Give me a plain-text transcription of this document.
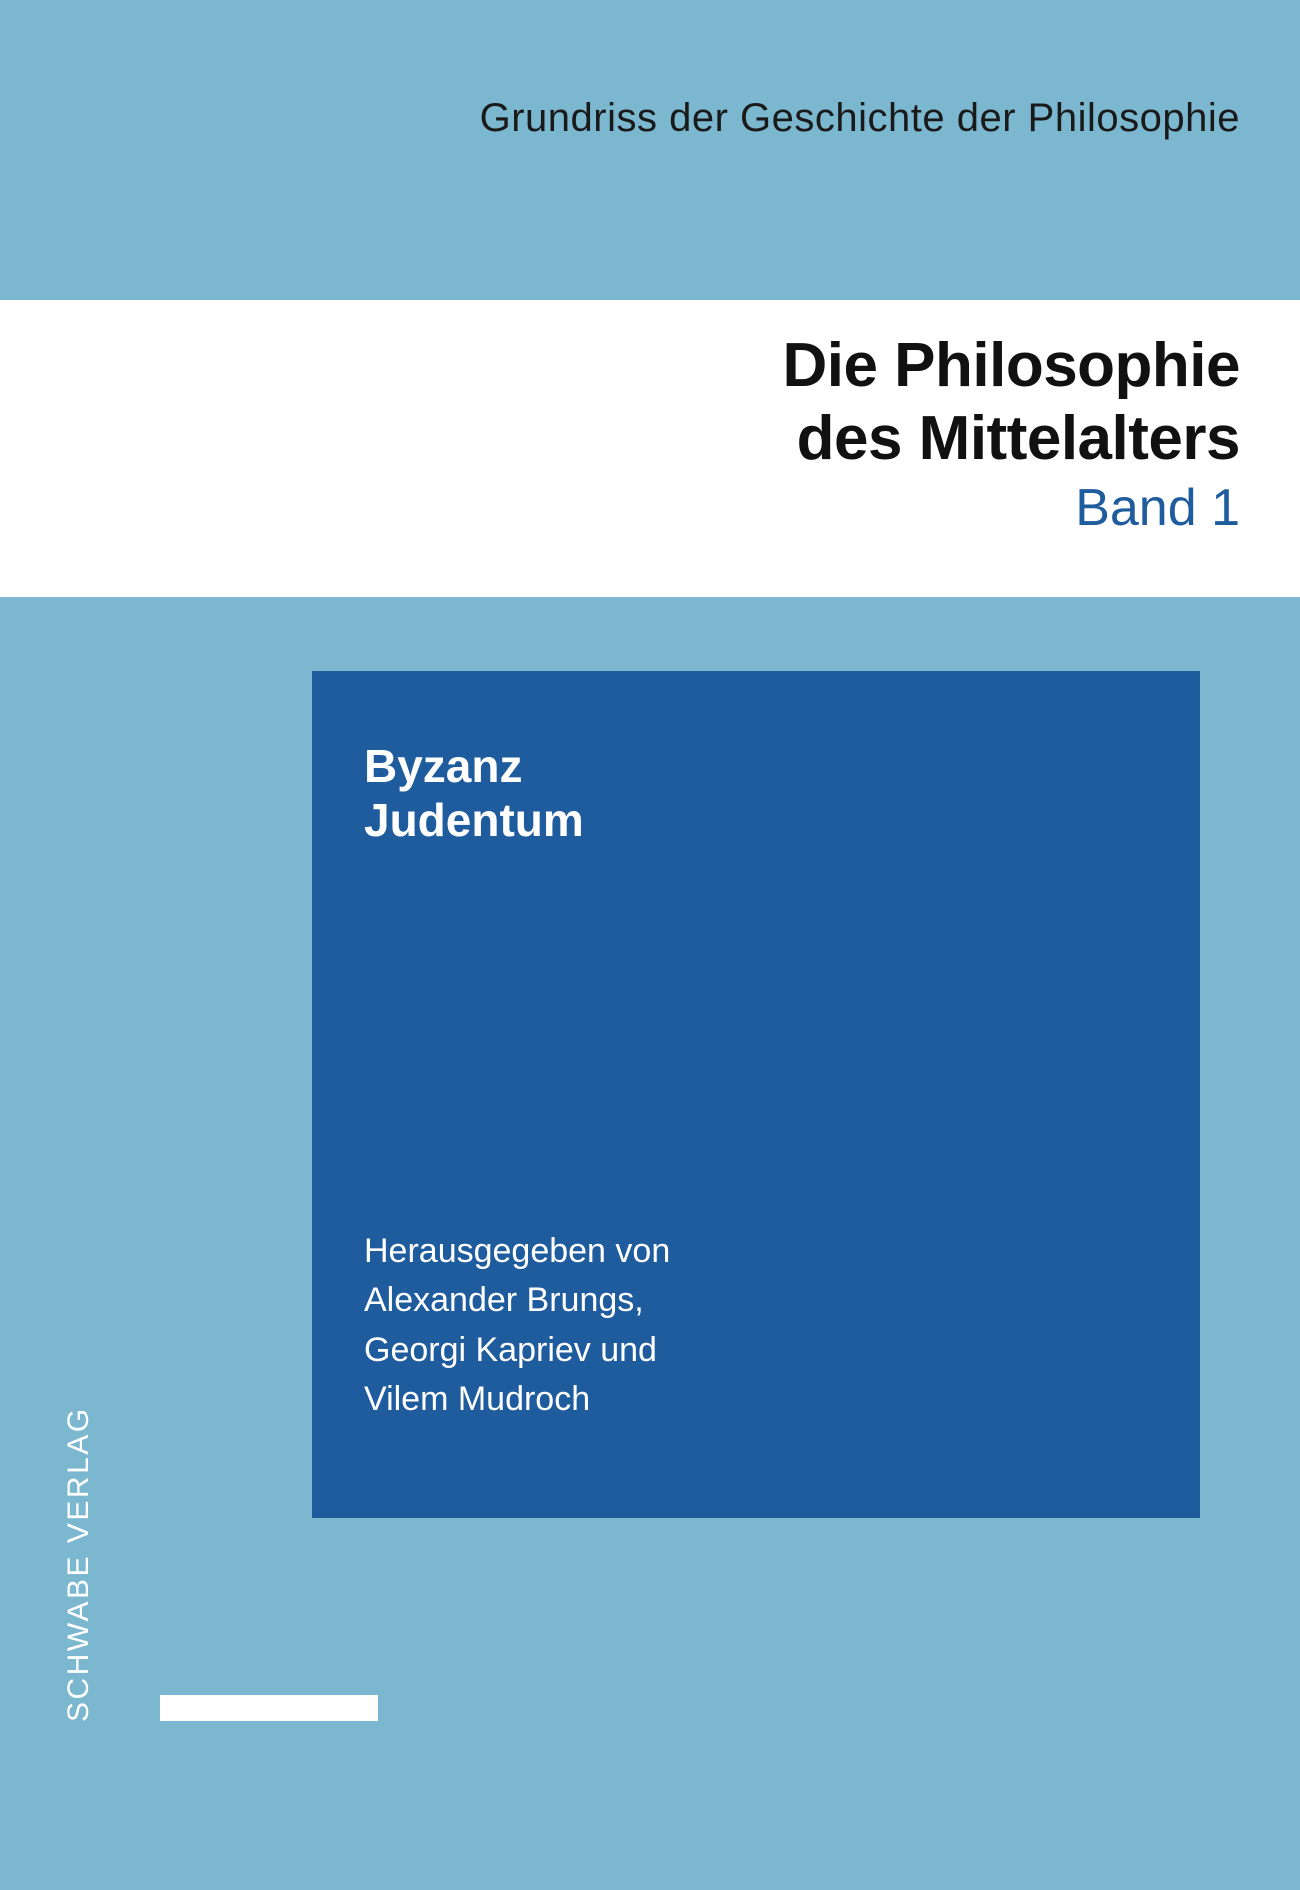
Grundriss der Geschichte der Philosophie
Die Philosophie
des Mittelalters
Band 1
Byzanz
Judentum
Herausgegeben von
Alexander Brungs,
Georgi Kapriev und
Vilem Mudroch
SCHWABE VERLAG
